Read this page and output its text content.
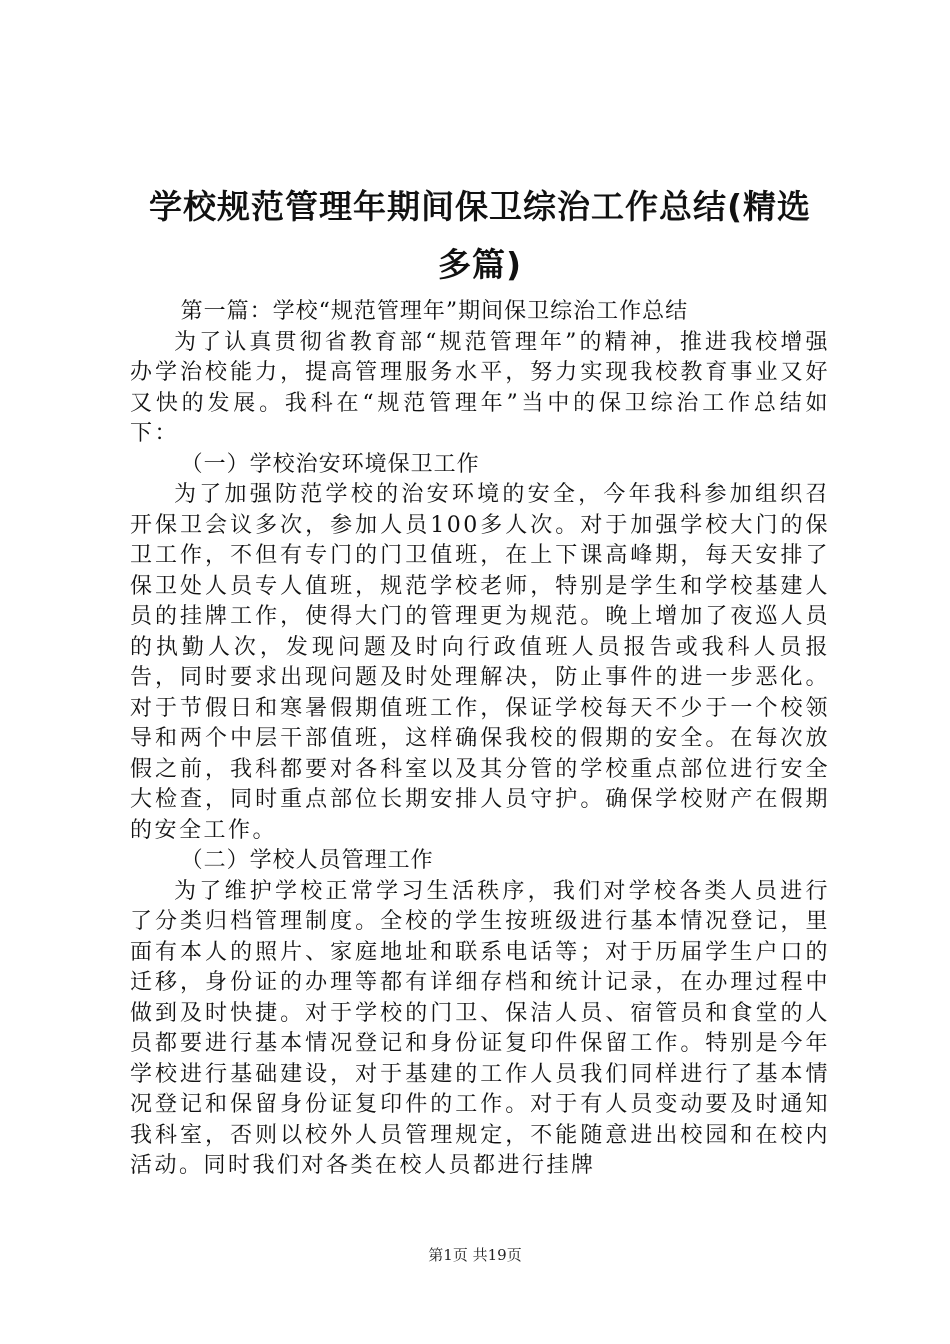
学校规范管理年期间保卫综治工作总结(精选
多篇)

第一篇：学校“规范管理年”期间保卫综治工作总结

为了认真贯彻省教育部“规范管理年”的精神，推进我校增强办学治校能力，提高管理服务水平，努力实现我校教育事业又好又快的发展。我科在“规范管理年”当中的保卫综治工作总结如下：

（一）学校治安环境保卫工作

为了加强防范学校的治安环境的安全，今年我科参加组织召开保卫会议多次，参加人员100多人次。对于加强学校大门的保卫工作，不但有专门的门卫值班，在上下课高峰期，每天安排了保卫处人员专人值班，规范学校老师，特别是学生和学校基建人员的挂牌工作，使得大门的管理更为规范。晚上增加了夜巡人员的执勤人次，发现问题及时向行政值班人员报告或我科人员报告，同时要求出现问题及时处理解决，防止事件的进一步恶化。对于节假日和寒暑假期值班工作，保证学校每天不少于一个校领导和两个中层干部值班，这样确保我校的假期的安全。在每次放假之前，我科都要对各科室以及其分管的学校重点部位进行安全大检查，同时重点部位长期安排人员守护。确保学校财产在假期的安全工作。

（二）学校人员管理工作

为了维护学校正常学习生活秩序，我们对学校各类人员进行了分类归档管理制度。全校的学生按班级进行基本情况登记，里面有本人的照片、家庭地址和联系电话等；对于历届学生户口的迁移，身份证的办理等都有详细存档和统计记录，在办理过程中做到及时快捷。对于学校的门卫、保洁人员、宿管员和食堂的人员都要进行基本情况登记和身份证复印件保留工作。特别是今年学校进行基础建设，对于基建的工作人员我们同样进行了基本情况登记和保留身份证复印件的工作。对于有人员变动要及时通知我科室，否则以校外人员管理规定，不能随意进出校园和在校内活动。同时我们对各类在校人员都进行挂牌

第1页 共19页
